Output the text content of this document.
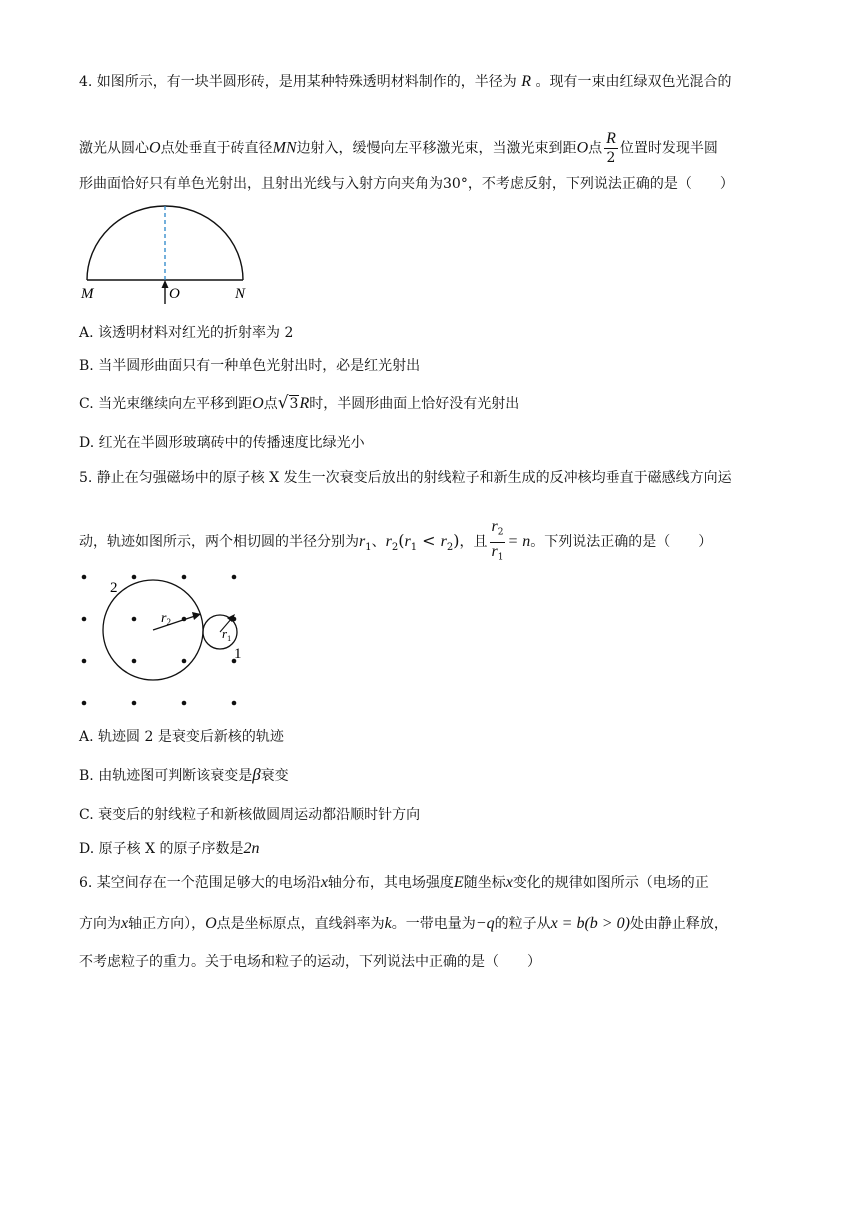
4. 如图所示，有一块半圆形砖，是用某种特殊透明材料制作的，半径为 R 。现有一束由红绿双色光混合的
激光从圆心O点处垂直于砖直径MN边射入，缓慢向左平移激光束，当激光束到距O点 $\frac{R}{2}$ 位置时发现半圆
形曲面恰好只有单色光射出，且射出光线与入射方向夹角为30°，不考虑反射，下列说法正确的是（　　）
M	O	N
A. 该透明材料对红光的折射率为 2
B. 当半圆形曲面只有一种单色光射出时，必是红光射出
C. 当光束继续向左平移到距O点√3R时，半圆形曲面上恰好没有光射出
D. 红光在半圆形玻璃砖中的传播速度比绿光小
5. 静止在匀强磁场中的原子核 X 发生一次衰变后放出的射线粒子和新生成的反冲核均垂直于磁感线方向运
动，轨迹如图所示，两个相切圆的半径分别为$r_1$、$r_2(r_1 < r_2)$，且 $\frac{r_2}{r_1} = n$。下列说法正确的是（　　）
$r_2$
$r_1$
2
1
A. 轨迹圆 2 是衰变后新核的轨迹
B. 由轨迹图可判断该衰变是β衰变
C. 衰变后的射线粒子和新核做圆周运动都沿顺时针方向
D. 原子核 X 的原子序数是2n
6. 某空间存在一个范围足够大的电场沿x轴分布，其电场强度E随坐标x变化的规律如图所示（电场的正
方向为x轴正方向），O点是坐标原点，直线斜率为k。一带电量为−q的粒子从x = b(b > 0)处由静止释放，
不考虑粒子的重力。关于电场和粒子的运动，下列说法中正确的是（　　）
